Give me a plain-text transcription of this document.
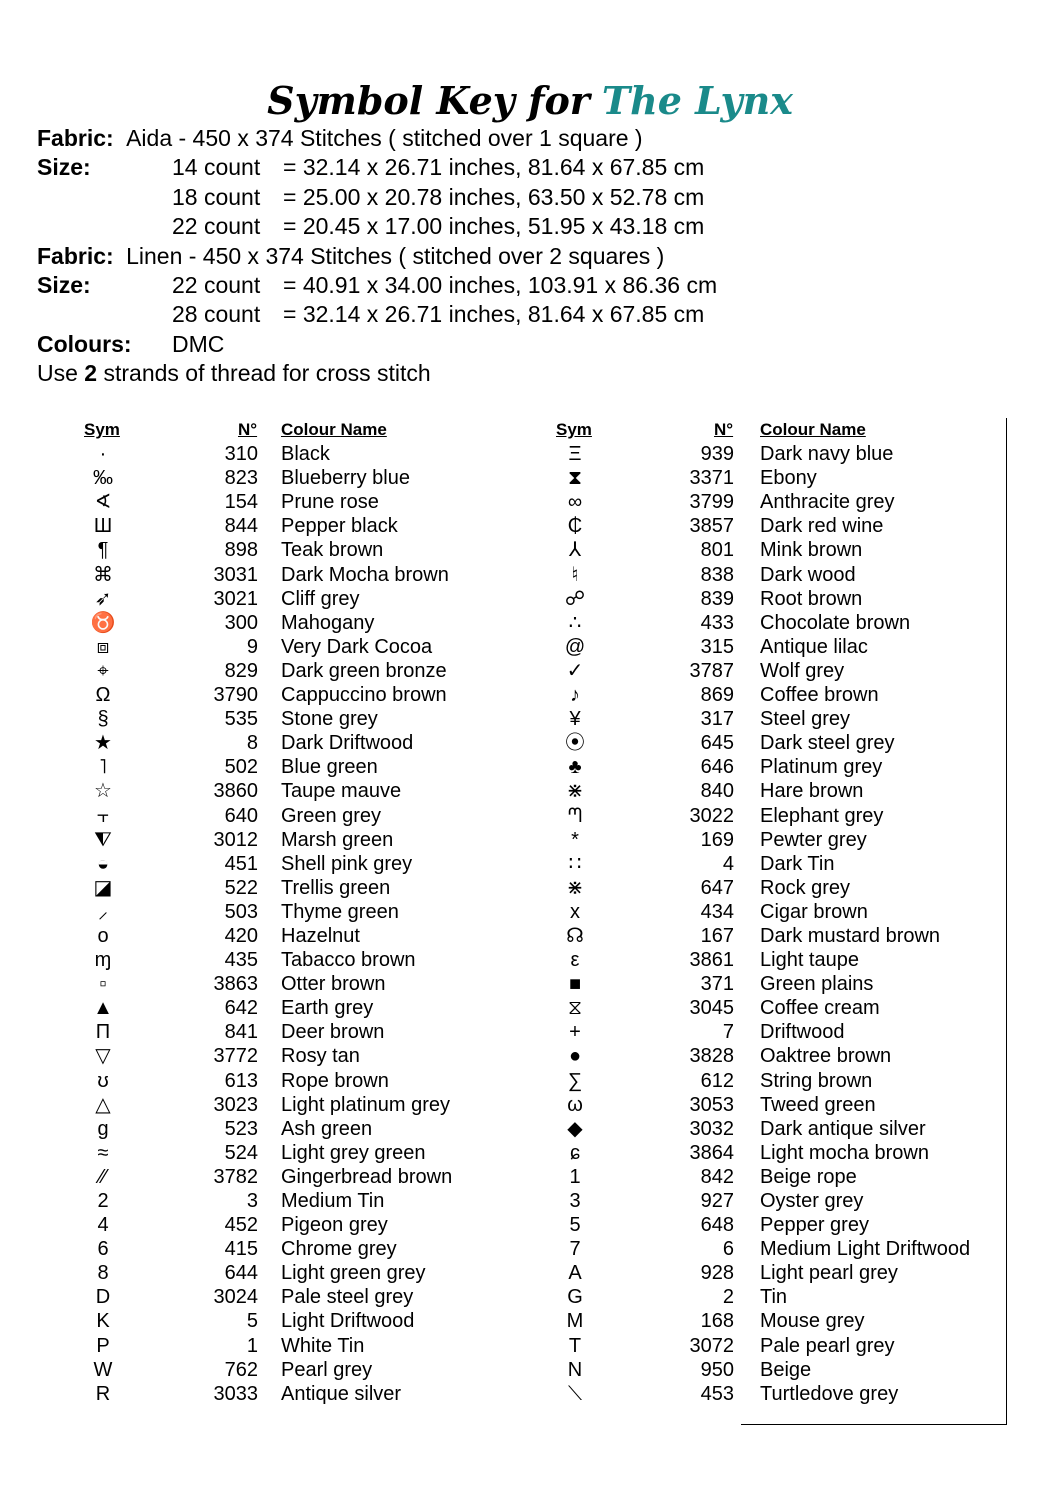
Symbol Key for The Lynx
Fabric: Aida - 450 x 374 Stitches ( stitched over 1 square )
Size:	14 count = 32.14 x 26.71 inches, 81.64 x 67.85 cm
18 count = 25.00 x 20.78 inches, 63.50 x 52.78 cm
22 count = 20.45 x 17.00 inches, 51.95 x 43.18 cm
Fabric: Linen - 450 x 374 Stitches ( stitched over 2 squares )
Size:	22 count = 40.91 x 34.00 inches, 103.91 x 86.36 cm
28 count = 32.14 x 26.71 inches, 81.64 x 67.85 cm
Colours: DMC
Use 2 strands of thread for cross stitch
Sym	N° Colour Name
·	310 Black
‰	823 Blueberry blue
∢	154 Prune rose
Ш	844 Pepper black
¶	898 Teak brown
⌘	3031 Dark Mocha brown
➶	3021 Cliff grey
♉	300 Mahogany
⧈	9 Very Dark Cocoa
⌖	829 Dark green bronze
Ω	3790 Cappuccino brown
§	535 Stone grey
★	8 Dark Driftwood
˥	502 Blue green
☆	3860 Taupe mauve
⫟	640 Green grey
⧨	3012 Marsh green
◒	451 Shell pink grey
◪	522 Trellis green
⸝	503 Thyme green
o	420 Hazelnut
ɱ	435 Tabacco brown
▫	3863 Otter brown
▲	642 Earth grey
Π	841 Deer brown
▽	3772 Rosy tan
ʊ	613 Rope brown
△	3023 Light platinum grey
g	523 Ash green
≈	524 Light grey green
⁄⁄	3782 Gingerbread brown
2	3 Medium Tin
4	452 Pigeon grey
6	415 Chrome grey
8	644 Light green grey
D	3024 Pale steel grey
K	5 Light Driftwood
P	1 White Tin
W	762 Pearl grey
R	3033 Antique silver
Sym	N° Colour Name
Ξ	939 Dark navy blue
⧗	3371 Ebony
∞	3799 Anthracite grey
₵	3857 Dark red wine
⅄	801 Mink brown
♮	838 Dark wood
☍	839 Root brown
∴	433 Chocolate brown
@	315 Antique lilac
✓	3787 Wolf grey
♪	869 Coffee brown
¥	317 Steel grey
⦿	645 Dark steel grey
♣	646 Platinum grey
⋇	840 Hare brown
ᘉ	3022 Elephant grey
*	169 Pewter grey
∷	4 Dark Tin
⋇	647 Rock grey
x	434 Cigar brown
☊	167 Dark mustard brown
ε	3861 Light taupe
■	371 Green plains
⧖	3045 Coffee cream
+	7 Driftwood
●	3828 Oaktree brown
∑	612 String brown
ω	3053 Tweed green
◆	3032 Dark antique silver
ɕ	3864 Light mocha brown
1	842 Beige rope
3	927 Oyster grey
5	648 Pepper grey
7	6 Medium Light Driftwood
A	928 Light pearl grey
G	2 Tin
M	168 Mouse grey
T	3072 Pale pearl grey
N	950 Beige
⟍	453 Turtledove grey
